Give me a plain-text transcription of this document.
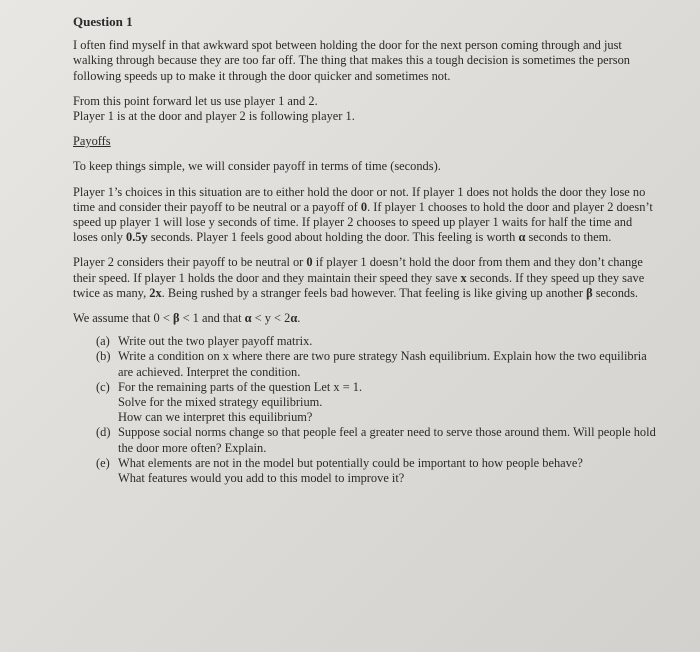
Question 1

I often find myself in that awkward spot between holding the door for the next person coming through and just walking through because they are too far off. The thing that makes this a tough decision is sometimes the person following speeds up to make it through the door quicker and sometimes not.

From this point forward let us use player 1 and 2.
Player 1 is at the door and player 2 is following player 1.

Payoffs

To keep things simple, we will consider payoff in terms of time (seconds).

Player 1’s choices in this situation are to either hold the door or not. If player 1 does not holds the door they lose no time and consider their payoff to be neutral or a payoff of 0. If player 1 chooses to hold the door and player 2 doesn’t speed up player 1 will lose y seconds of time. If player 2 chooses to speed up player 1 waits for half the time and loses only 0.5y seconds. Player 1 feels good about holding the door. This feeling is worth α seconds to them.

Player 2 considers their payoff to be neutral or 0 if player 1 doesn’t hold the door from them and they don’t change their speed. If player 1 holds the door and they maintain their speed they save x seconds. If they speed up they save twice as many, 2x. Being rushed by a stranger feels bad however. That feeling is like giving up another β seconds.

We assume that 0 < β < 1 and that α < y < 2α.

(a) Write out the two player payoff matrix.
(b) Write a condition on x where there are two pure strategy Nash equilibrium. Explain how the two equilibria are achieved. Interpret the condition.
(c) For the remaining parts of the question Let x = 1.
Solve for the mixed strategy equilibrium.
How can we interpret this equilibrium?
(d) Suppose social norms change so that people feel a greater need to serve those around them. Will people hold the door more often? Explain.
(e) What elements are not in the model but potentially could be important to how people behave?
What features would you add to this model to improve it?
